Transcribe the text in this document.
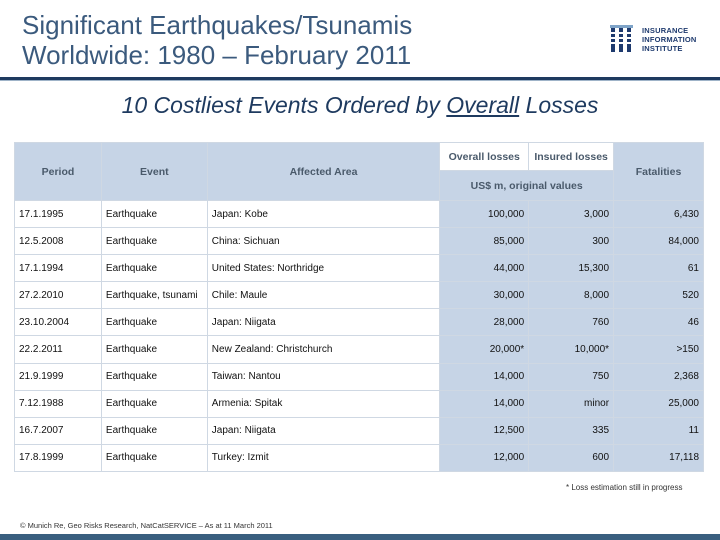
Significant Earthquakes/Tsunamis
Worldwide: 1980 – February 2011
INSURANCE
INFORMATION
INSTITUTE
10 Costliest Events Ordered by Overall Losses
Period	Event	Affected Area	Overall losses	Insured losses	Fatalities
			US$ m, original values		
17.1.1995	Earthquake	Japan: Kobe	100,000	3,000	6,430
12.5.2008	Earthquake	China: Sichuan	85,000	300	84,000
17.1.1994	Earthquake	United States: Northridge	44,000	15,300	61
27.2.2010	Earthquake, tsunami	Chile: Maule	30,000	8,000	520
23.10.2004	Earthquake	Japan: Niigata	28,000	760	46
22.2.2011	Earthquake	New Zealand: Christchurch	20,000*	10,000*	>150
21.9.1999	Earthquake	Taiwan: Nantou	14,000	750	2,368
7.12.1988	Earthquake	Armenia: Spitak	14,000	minor	25,000
16.7.2007	Earthquake	Japan: Niigata	12,500	335	11
17.8.1999	Earthquake	Turkey: Izmit	12,000	600	17,118
* Loss estimation still in progress
© Munich Re, Geo Risks Research, NatCatSERVICE – As at 11 March 2011
